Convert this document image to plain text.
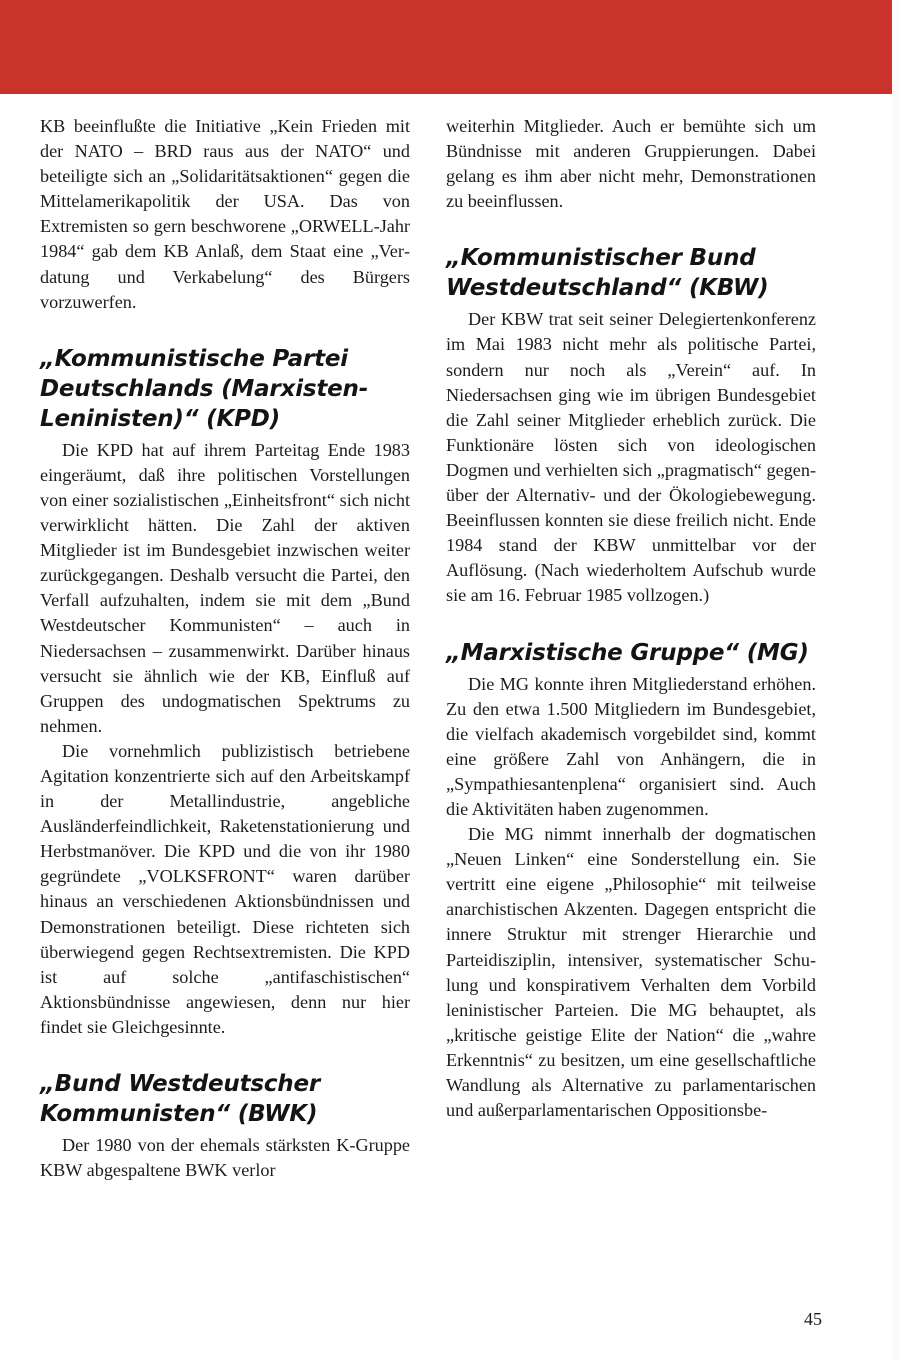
KB beeinflußte die Initiative „Kein Frieden mit der NATO – BRD raus aus der NATO“ und beteiligte sich an „Solidaritätsaktionen“ gegen die Mittelamerikapolitik der USA. Das von Extremisten so gern beschworene „ORWELL-Jahr 1984“ gab dem KB Anlaß, dem Staat eine „Verdatung und Verkabelung“ des Bürgers vorzuwerfen.

„Kommunistische Partei Deutschlands (Marxisten-Leninisten)“ (KPD)

Die KPD hat auf ihrem Parteitag Ende 1983 eingeräumt, daß ihre politischen Vorstellungen von einer sozialistischen „Einheitsfront“ sich nicht verwirklicht hätten. Die Zahl der aktiven Mitglieder ist im Bundesgebiet inzwischen weiter zurückgegangen. Deshalb versucht die Partei, den Verfall aufzuhalten, indem sie mit dem „Bund Westdeutscher Kommunisten“ – auch in Niedersachsen – zusammenwirkt. Darüber hinaus versucht sie ähnlich wie der KB, Einfluß auf Gruppen des undogmatischen Spektrums zu nehmen.

Die vornehmlich publizistisch betriebene Agitation konzentrierte sich auf den Arbeitskampf in der Metallindustrie, angebliche Ausländerfeindlichkeit, Raketenstationierung und Herbstmanöver. Die KPD und die von ihr 1980 gegründete „VOLKSFRONT“ waren darüber hinaus an verschiedenen Aktionsbündnissen und Demonstrationen beteiligt. Diese richteten sich überwiegend gegen Rechtsextremisten. Die KPD ist auf solche „antifaschistischen“ Aktionsbündnisse angewiesen, denn nur hier findet sie Gleichgesinnte.

„Bund Westdeutscher Kommunisten“ (BWK)

Der 1980 von der ehemals stärksten K-Gruppe KBW abgespaltene BWK verlor

weiterhin Mitglieder. Auch er bemühte sich um Bündnisse mit anderen Gruppierungen. Dabei gelang es ihm aber nicht mehr, Demonstrationen zu beeinflussen.

„Kommunistischer Bund Westdeutschland“ (KBW)

Der KBW trat seit seiner Delegiertenkonferenz im Mai 1983 nicht mehr als politische Partei, sondern nur noch als „Verein“ auf. In Niedersachsen ging wie im übrigen Bundesgebiet die Zahl seiner Mitglieder erheblich zurück. Die Funktionäre lösten sich von ideologischen Dogmen und verhielten sich „pragmatisch“ gegenüber der Alternativ- und der Ökologiebewegung. Beeinflussen konnten sie diese freilich nicht. Ende 1984 stand der KBW unmittelbar vor der Auflösung. (Nach wiederholtem Aufschub wurde sie am 16. Februar 1985 vollzogen.)

„Marxistische Gruppe“ (MG)

Die MG konnte ihren Mitgliederstand erhöhen. Zu den etwa 1.500 Mitgliedern im Bundesgebiet, die vielfach akademisch vorgebildet sind, kommt eine größere Zahl von Anhängern, die in „Sympathiesantenplena“ organisiert sind. Auch die Aktivitäten haben zugenommen.

Die MG nimmt innerhalb der dogmatischen „Neuen Linken“ eine Sonderstellung ein. Sie vertritt eine eigene „Philosophie“ mit teilweise anarchistischen Akzenten. Dagegen entspricht die innere Struktur mit strenger Hierarchie und Parteidisziplin, intensiver, systematischer Schulung und konspirativem Verhalten dem Vorbild leninistischer Parteien. Die MG behauptet, als „kritische geistige Elite der Nation“ die „wahre Erkenntnis“ zu besitzen, um eine gesellschaftliche Wandlung als Alternative zu parlamentarischen und außerparlamentarischen Oppositionsbe-

45
